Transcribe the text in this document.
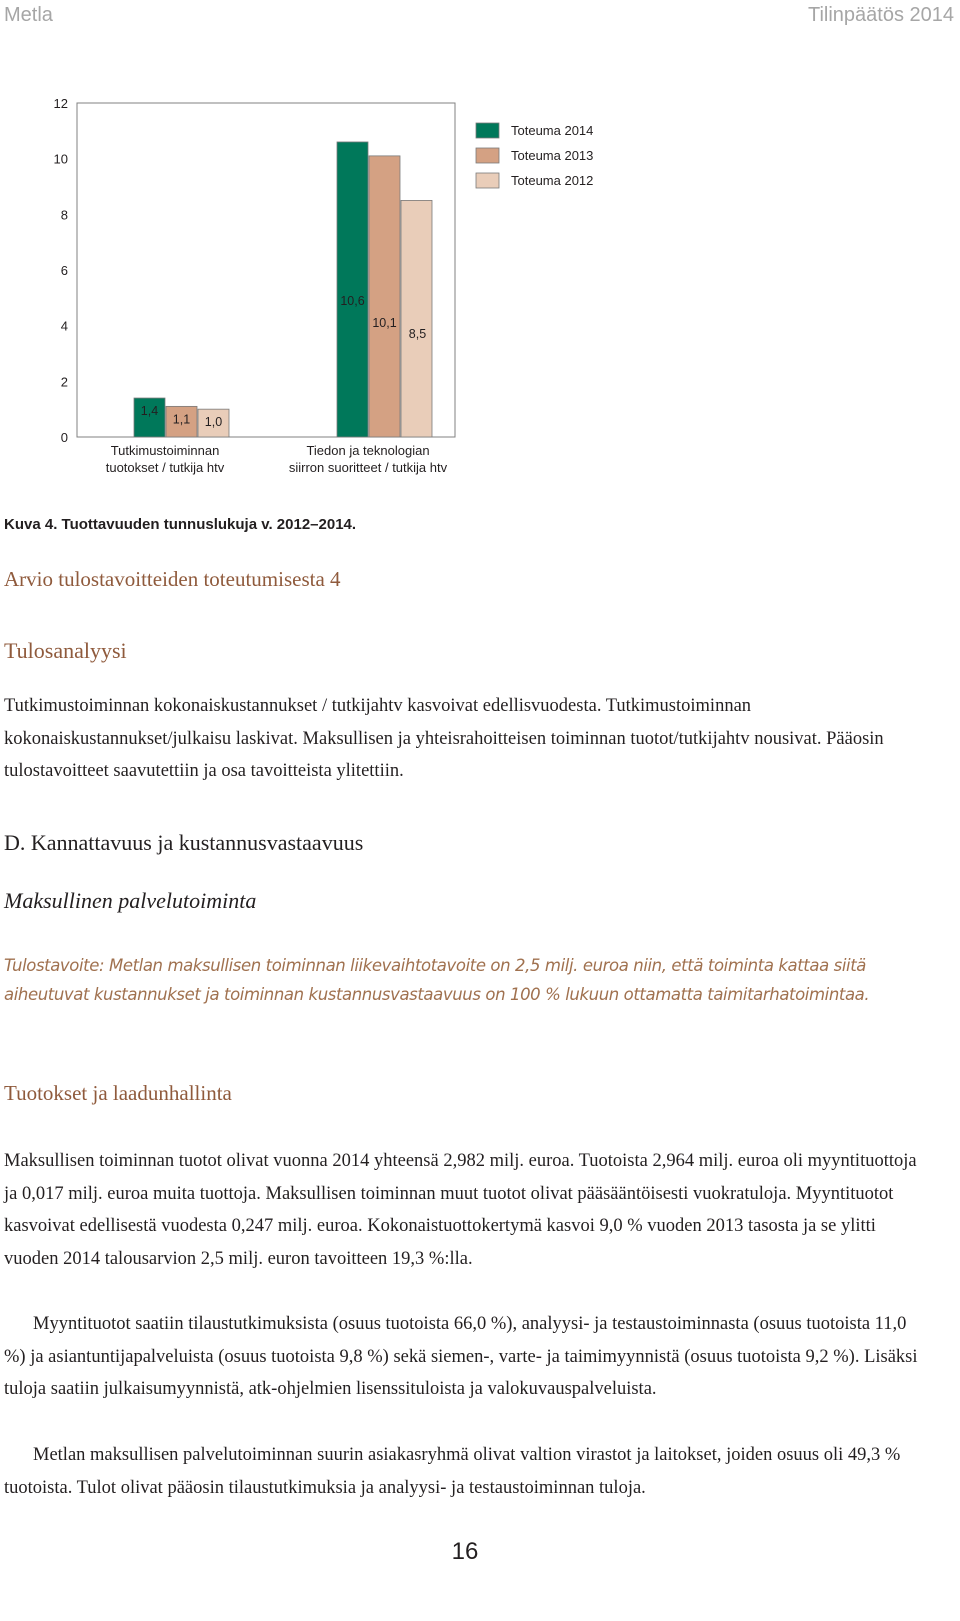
Metla	Tilinpäätös 2014
12
10
8
6
4
2
0
1,4
10,6
1,1
10,1
1,0
8,5
Tutkimustoiminnan
tuotokset / tutkija htv
Tiedon ja teknologian
siirron suoritteet / tutkija htv
Toteuma 2014
Toteuma 2013
Toteuma 2012
Kuva 4. Tuottavuuden tunnuslukuja v. 2012–2014.
Arvio tulostavoitteiden toteutumisesta 4
Tulosanalyysi
Tutkimustoiminnan kokonaiskustannukset / tutkijahtv kasvoivat edellisvuodesta. Tutkimustoiminnan kokonaiskustannukset/julkaisu laskivat. Maksullisen ja yhteisrahoitteisen toiminnan tuotot/tutkijahtv nousivat. Pääosin tulostavoitteet saavutettiin ja osa tavoitteista ylitettiin.
D. Kannattavuus ja kustannusvastaavuus
Maksullinen palvelutoiminta
Tulostavoite: Metlan maksullisen toiminnan liikevaihtotavoite on 2,5 milj. euroa niin, että toiminta kattaa siitä aiheutuvat kustannukset ja toiminnan kustannusvastaavuus on 100 % lukuun ottamatta taimitarhatoimintaa.
Tuotokset ja laadunhallinta
Maksullisen toiminnan tuotot olivat vuonna 2014 yhteensä 2,982 milj. euroa. Tuotoista 2,964 milj. euroa oli myyntituottoja ja 0,017 milj. euroa muita tuottoja. Maksullisen toiminnan muut tuotot olivat pääsääntöisesti vuokratuloja. Myyntituotot kasvoivat edellisestä vuodesta 0,247 milj. euroa. Kokonaistuottokertymä kasvoi 9,0 % vuoden 2013 tasosta ja se ylitti vuoden 2014 talousarvion 2,5 milj. euron tavoitteen 19,3 %:lla.
Myyntituotot saatiin tilaustutkimuksista (osuus tuotoista 66,0 %), analyysi- ja testaustoiminnasta (osuus tuotoista 11,0 %) ja asiantuntijapalveluista (osuus tuotoista 9,8 %) sekä siemen-, varte- ja taimimyynnistä (osuus tuotoista 9,2 %). Lisäksi tuloja saatiin julkaisumyynnistä, atk-ohjelmien lisenssituloista ja valokuvauspalveluista.
Metlan maksullisen palvelutoiminnan suurin asiakasryhmä olivat valtion virastot ja laitokset, joiden osuus oli 49,3 % tuotoista. Tulot olivat pääosin tilaustutkimuksia ja analyysi- ja testaustoiminnan tuloja.
16
